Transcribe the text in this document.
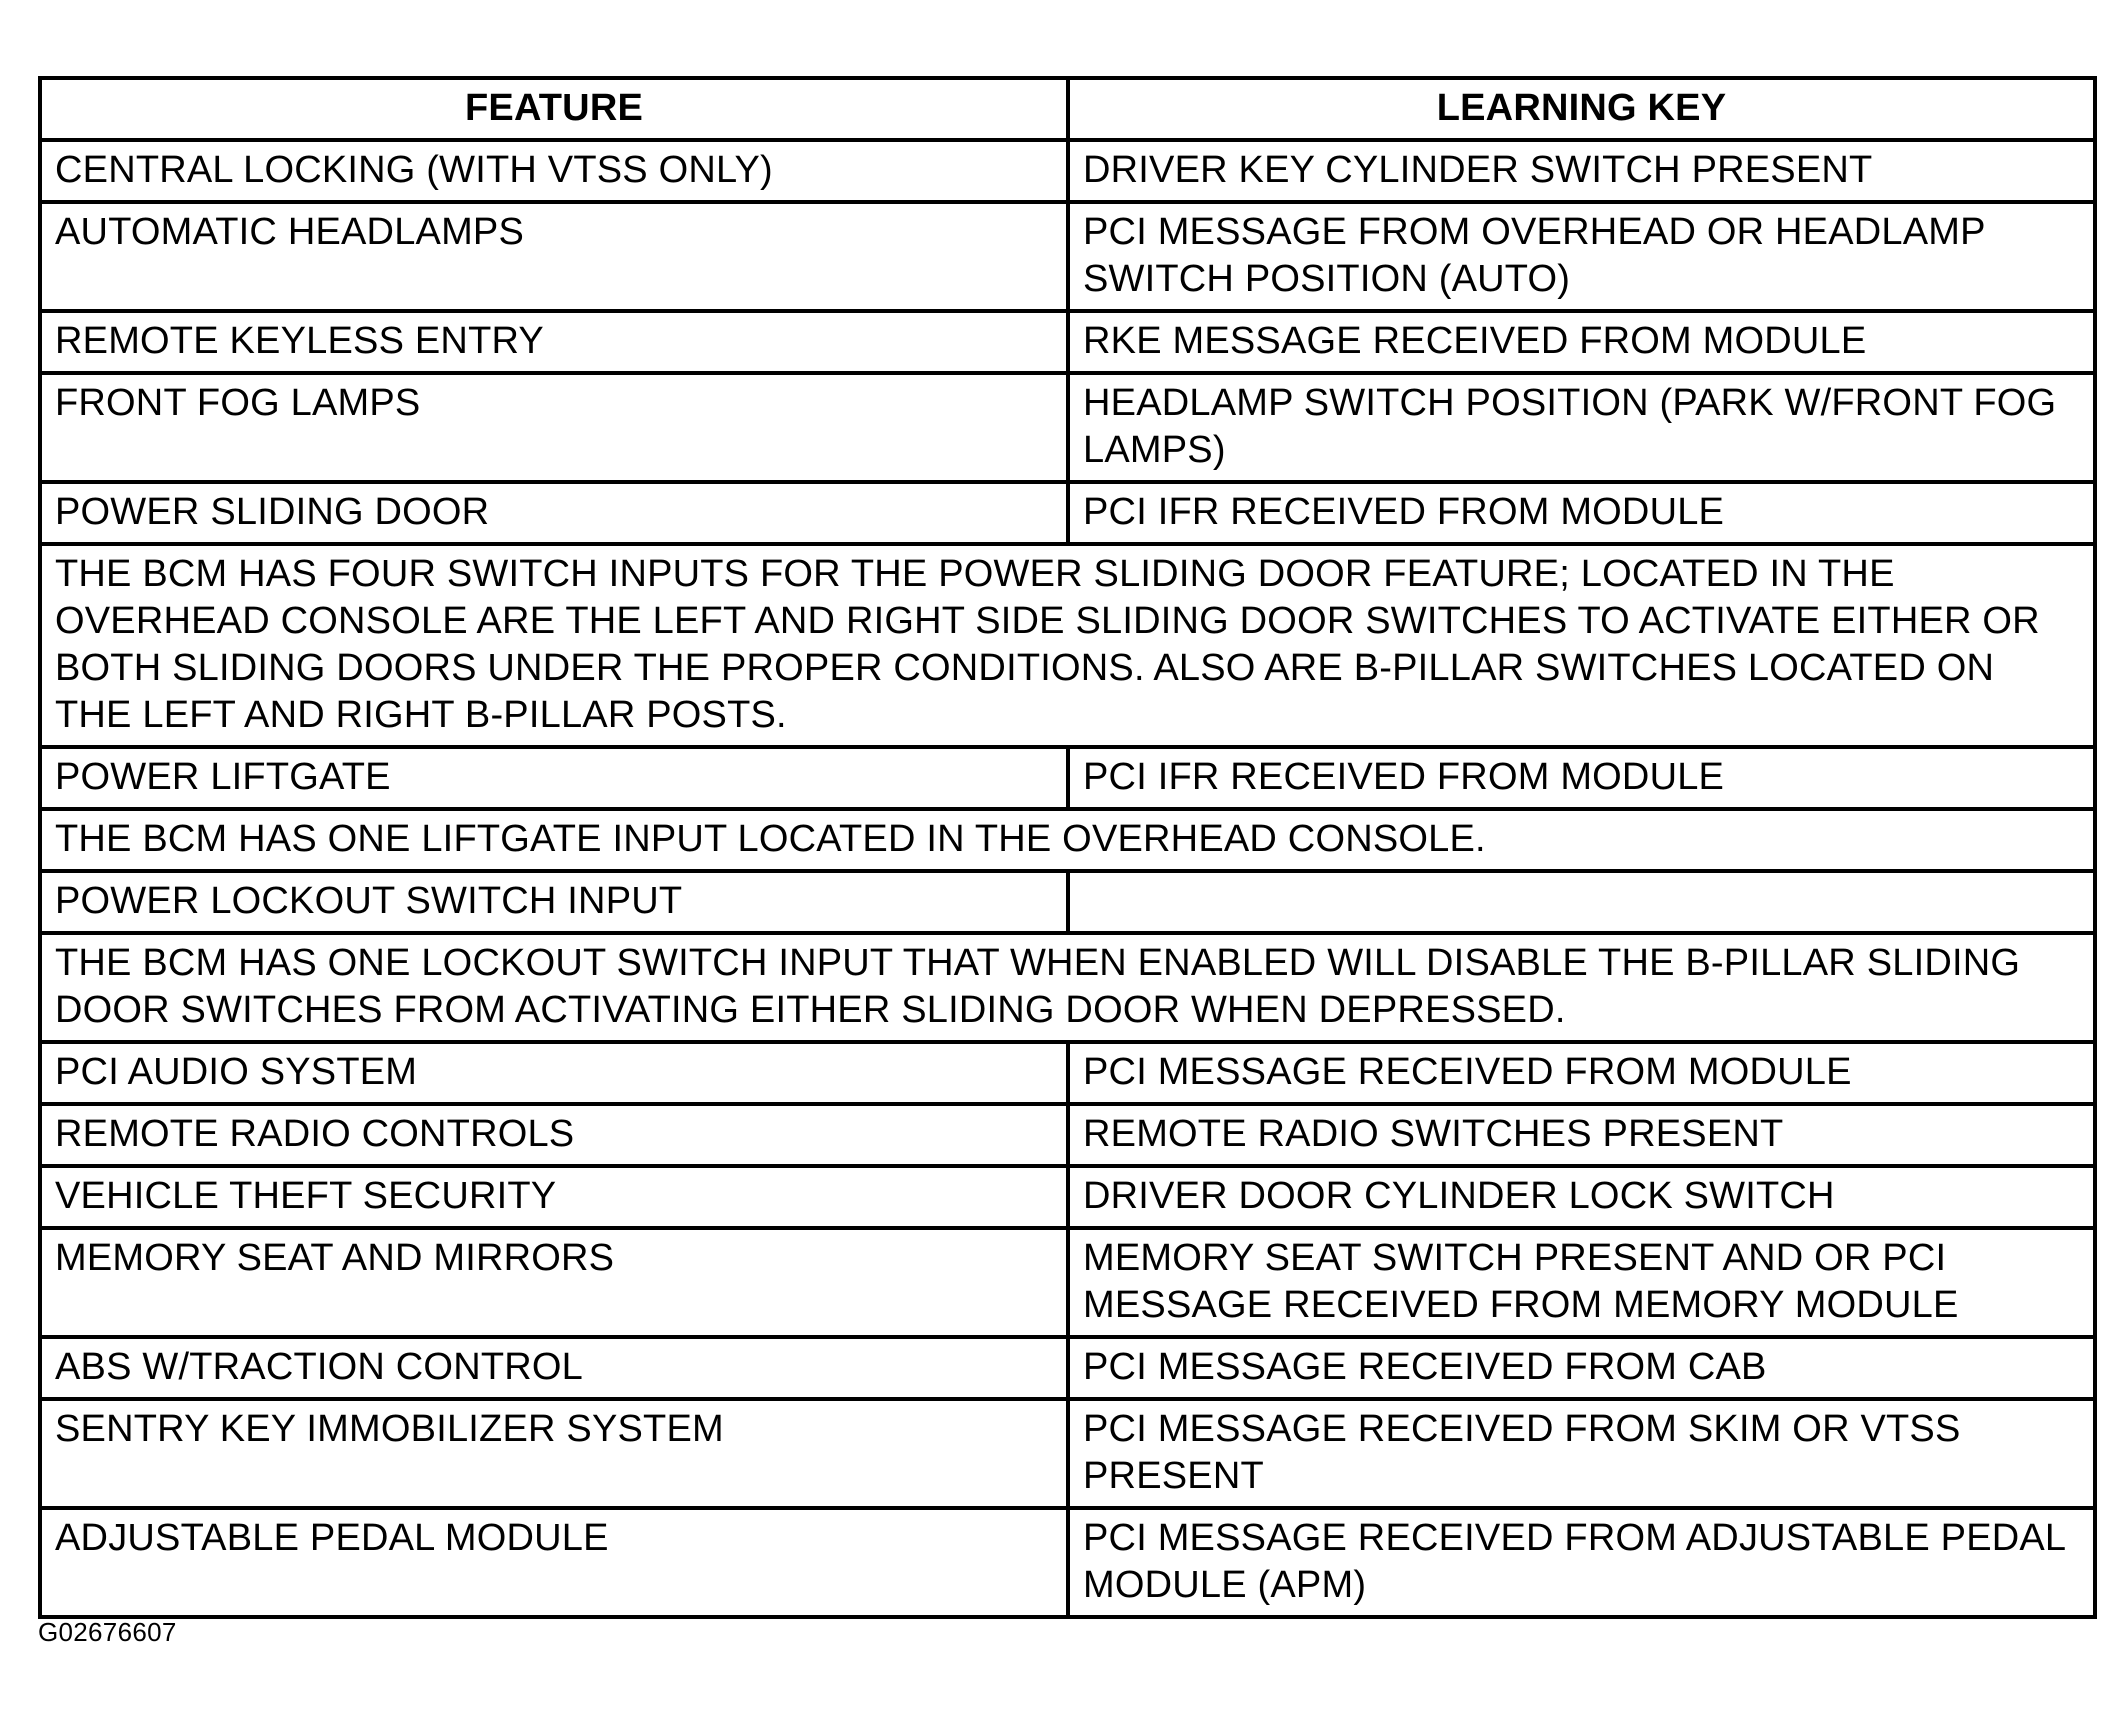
FEATURE	LEARNING KEY
CENTRAL LOCKING (WITH VTSS ONLY)	DRIVER KEY CYLINDER SWITCH PRESENT
AUTOMATIC HEADLAMPS	PCI MESSAGE FROM OVERHEAD OR HEADLAMP SWITCH POSITION (AUTO)
REMOTE KEYLESS ENTRY	RKE MESSAGE RECEIVED FROM MODULE
FRONT FOG LAMPS	HEADLAMP SWITCH POSITION (PARK W/FRONT FOG LAMPS)
POWER SLIDING DOOR	PCI IFR RECEIVED FROM MODULE
THE BCM HAS FOUR SWITCH INPUTS FOR THE POWER SLIDING DOOR FEATURE; LOCATED IN THE OVERHEAD CONSOLE ARE THE LEFT AND RIGHT SIDE SLIDING DOOR SWITCHES TO ACTIVATE EITHER OR BOTH SLIDING DOORS UNDER THE PROPER CONDITIONS. ALSO ARE B-PILLAR SWITCHES LOCATED ON THE LEFT AND RIGHT B-PILLAR POSTS.	
POWER LIFTGATE	PCI IFR RECEIVED FROM MODULE
THE BCM HAS ONE LIFTGATE INPUT LOCATED IN THE OVERHEAD CONSOLE.	
POWER LOCKOUT SWITCH INPUT	
THE BCM HAS ONE LOCKOUT SWITCH INPUT THAT WHEN ENABLED WILL DISABLE THE B-PILLAR SLIDING DOOR SWITCHES FROM ACTIVATING EITHER SLIDING DOOR WHEN DEPRESSED.	
PCI AUDIO SYSTEM	PCI MESSAGE RECEIVED FROM MODULE
REMOTE RADIO CONTROLS	REMOTE RADIO SWITCHES PRESENT
VEHICLE THEFT SECURITY	DRIVER DOOR CYLINDER LOCK SWITCH
MEMORY SEAT AND MIRRORS	MEMORY SEAT SWITCH PRESENT AND OR PCI MESSAGE RECEIVED FROM MEMORY MODULE
ABS W/TRACTION CONTROL	PCI MESSAGE RECEIVED FROM CAB
SENTRY KEY IMMOBILIZER SYSTEM	PCI MESSAGE RECEIVED FROM SKIM OR VTSS PRESENT
ADJUSTABLE PEDAL MODULE	PCI MESSAGE RECEIVED FROM ADJUSTABLE PEDAL MODULE (APM)
G02676607
